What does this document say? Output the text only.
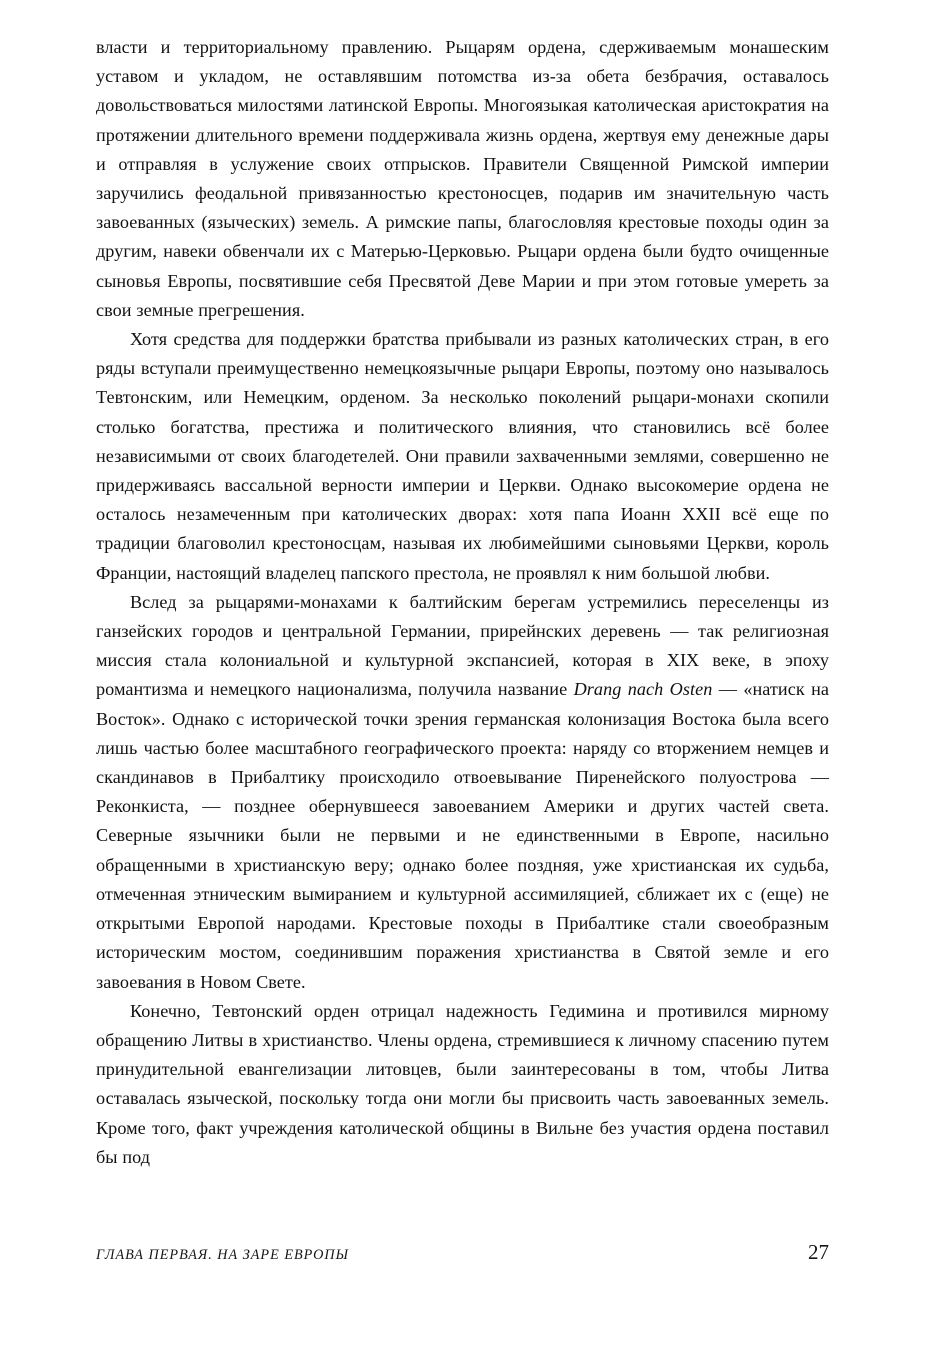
власти и территориальному правлению. Рыцарям ордена, сдерживаемым монашеским уставом и укладом, не оставлявшим потомства из-за обета безбрачия, оставалось довольствоваться милостями латинской Европы. Многоязыкая католическая аристократия на протяжении длительного времени поддерживала жизнь ордена, жертвуя ему денежные дары и отправляя в услужение своих отпрысков. Правители Священной Римской империи заручились феодальной привязанностью крестоносцев, подарив им значительную часть завоеванных (языческих) земель. А римские папы, благословляя крестовые походы один за другим, навеки обвенчали их с Матерью-Церковью. Рыцари ордена были будто очищенные сыновья Европы, посвятившие себя Пресвятой Деве Марии и при этом готовые умереть за свои земные прегрешения.

Хотя средства для поддержки братства прибывали из разных католических стран, в его ряды вступали преимущественно немецкоязычные рыцари Европы, поэтому оно называлось Тевтонским, или Немецким, орденом. За несколько поколений рыцари-монахи скопили столько богатства, престижа и политического влияния, что становились всё более независимыми от своих благодетелей. Они правили захваченными землями, совершенно не придерживаясь вассальной верности империи и Церкви. Однако высокомерие ордена не осталось незамеченным при католических дворах: хотя папа Иоанн XXII всё еще по традиции благоволил крестоносцам, называя их любимейшими сыновьями Церкви, король Франции, настоящий владелец папского престола, не проявлял к ним большой любви.

Вслед за рыцарями-монахами к балтийским берегам устремились переселенцы из ганзейских городов и центральной Германии, прирейнских деревень — так религиозная миссия стала колониальной и культурной экспансией, которая в XIX веке, в эпоху романтизма и немецкого национализма, получила название Drang nach Osten — «натиск на Восток». Однако с исторической точки зрения германская колонизация Востока была всего лишь частью более масштабного географического проекта: наряду со вторжением немцев и скандинавов в Прибалтику происходило отвоевывание Пиренейского полуострова — Реконкиста, — позднее обернувшееся завоеванием Америки и других частей света. Северные язычники были не первыми и не единственными в Европе, насильно обращенными в христианскую веру; однако более поздняя, уже христианская их судьба, отмеченная этническим вымиранием и культурной ассимиляцией, сближает их с (еще) не открытыми Европой народами. Крестовые походы в Прибалтике стали своеобразным историческим мостом, соединившим поражения христианства в Святой земле и его завоевания в Новом Свете.

Конечно, Тевтонский орден отрицал надежность Гедимина и противился мирному обращению Литвы в христианство. Члены ордена, стремившиеся к личному спасению путем принудительной евангелизации литовцев, были заинтересованы в том, чтобы Литва оставалась языческой, поскольку тогда они могли бы присвоить часть завоеванных земель. Кроме того, факт учреждения католической общины в Вильне без участия ордена поставил бы под

ГЛАВА ПЕРВАЯ. НА ЗАРЕ ЕВРОПЫ	27
